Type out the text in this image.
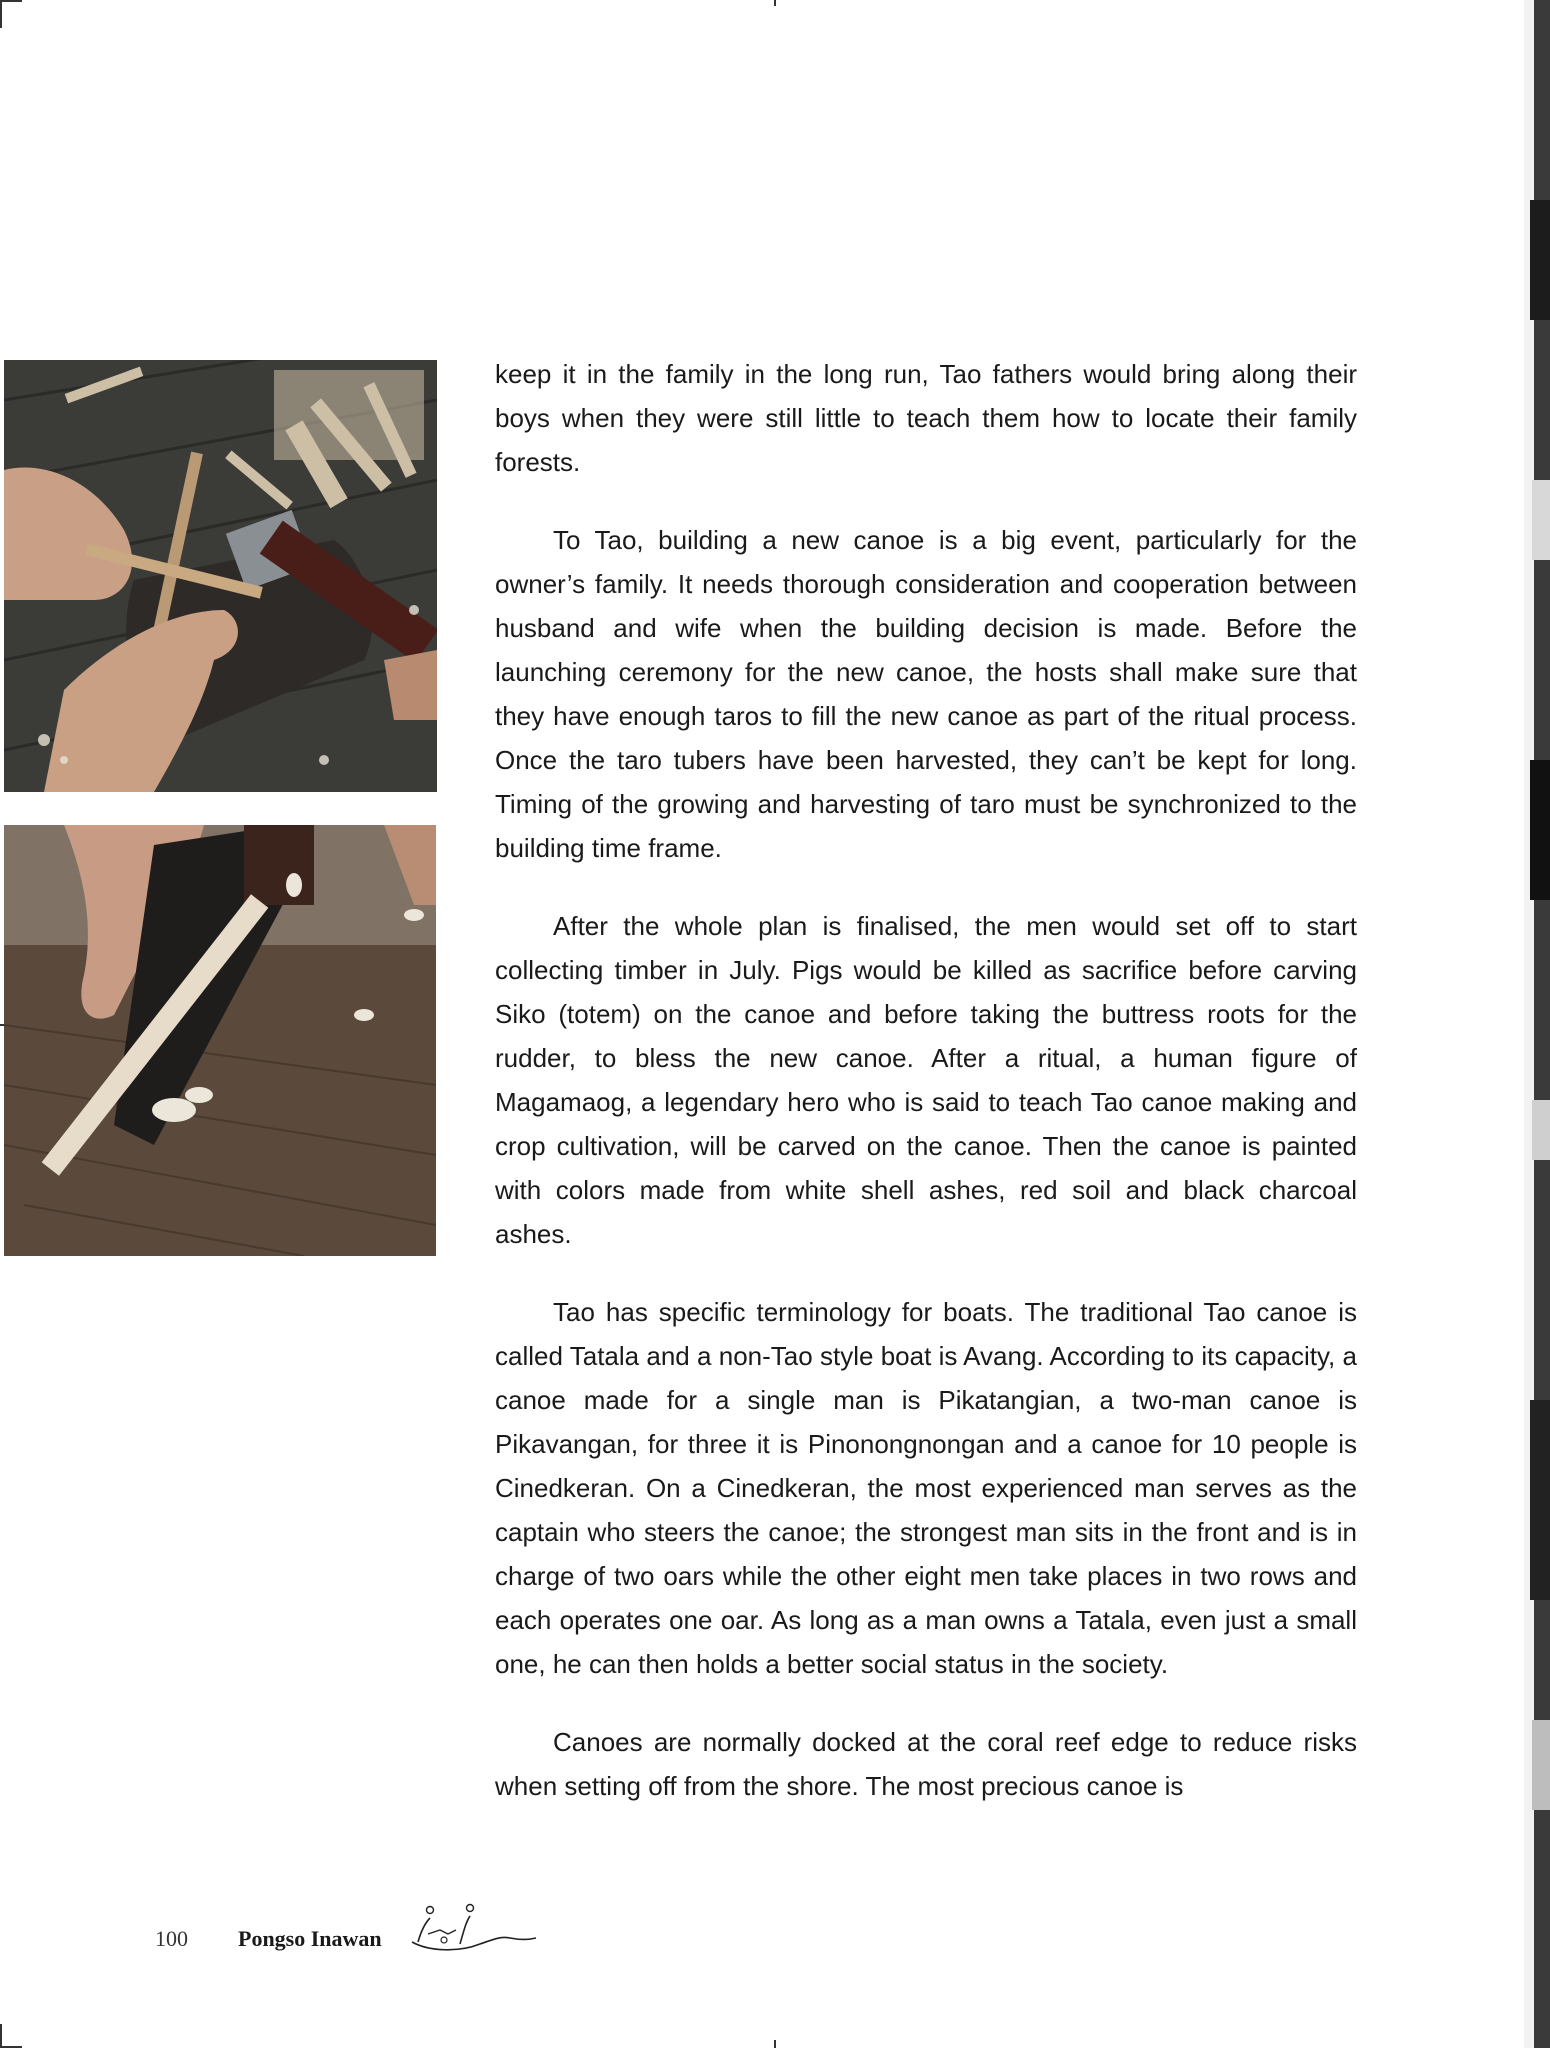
keep it in the family in the long run, Tao fathers would bring along their boys when they were still little to teach them how to locate their family forests.

To Tao, building a new canoe is a big event, particularly for the owner’s family. It needs thorough consideration and cooperation between husband and wife when the building decision is made. Before the launching ceremony for the new canoe, the hosts shall make sure that they have enough taros to fill the new canoe as part of the ritual process. Once the taro tubers have been harvested, they can’t be kept for long. Timing of the growing and harvesting of taro must be synchronized to the building time frame.

After the whole plan is finalised, the men would set off to start collecting timber in July. Pigs would be killed as sacrifice before carving Siko (totem) on the canoe and before taking the buttress roots for the rudder, to bless the new canoe. After a ritual, a human figure of Magamaog, a legendary hero who is said to teach Tao canoe making and crop cultivation, will be carved on the canoe. Then the canoe is painted with colors made from white shell ashes, red soil and black charcoal ashes.

Tao has specific terminology for boats. The traditional Tao canoe is called Tatala and a non-Tao style boat is Avang. According to its capacity, a canoe made for a single man is Pikatangian, a two-man canoe is Pikavangan, for three it is Pinonongnongan and a canoe for 10 people is Cinedkeran. On a Cinedkeran, the most experienced man serves as the captain who steers the canoe; the strongest man sits in the front and is in charge of two oars while the other eight men take places in two rows and each operates one oar. As long as a man owns a Tatala, even just a small one, he can then holds a better social status in the society.

Canoes are normally docked at the coral reef edge to reduce risks when setting off from the shore. The most precious canoe is

100 Pongso Inawan
